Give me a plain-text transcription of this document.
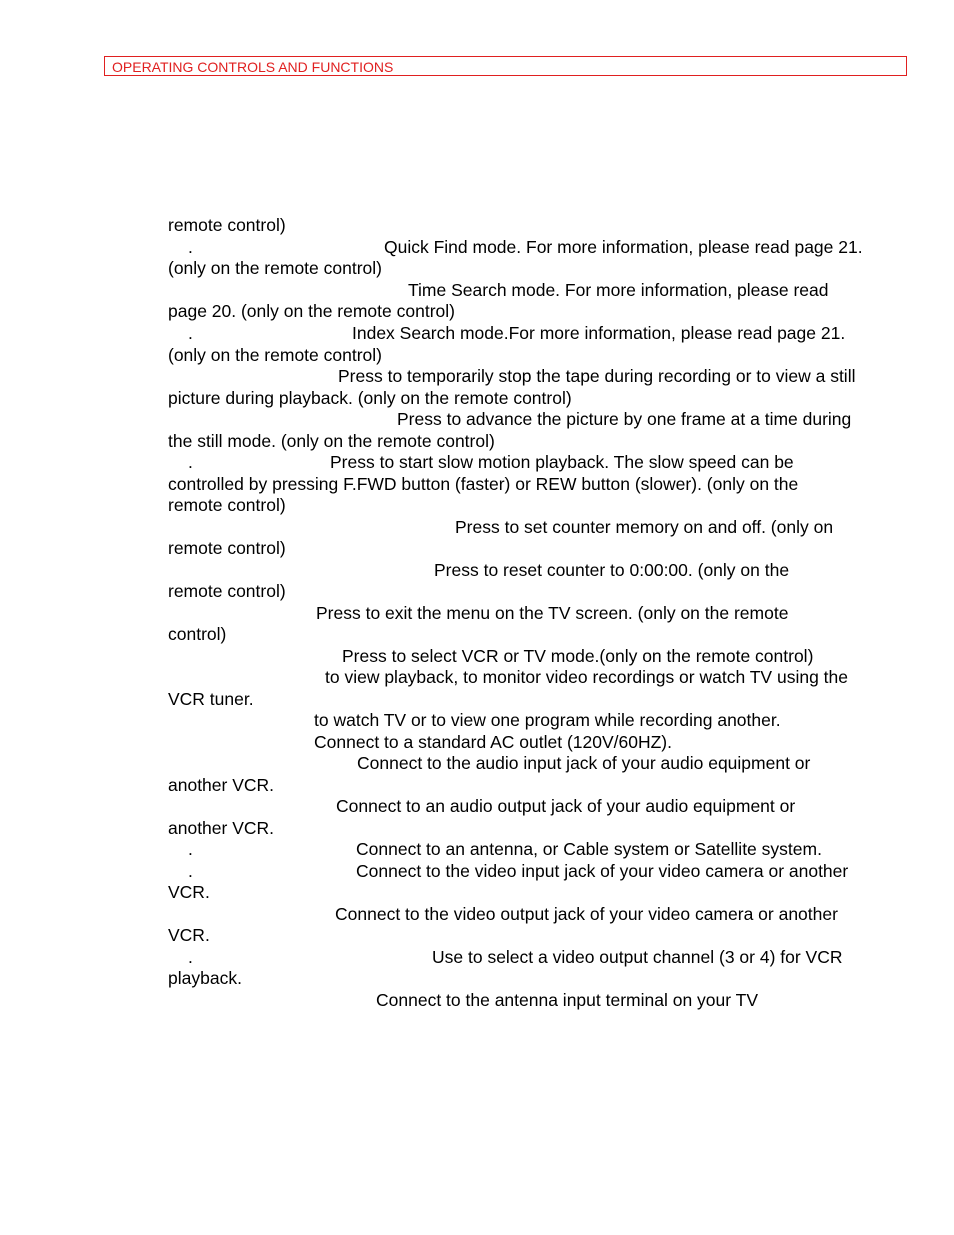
OPERATING CONTROLS AND FUNCTIONS
remote control)
.	Quick Find mode. For more information, please read page 21.
(only on the remote control)
Time Search mode. For more information, please read
page 20. (only on the remote control)
.	Index Search mode.For more information, please read page 21.
(only on the remote control)
Press to temporarily stop the tape during recording or to view a still
picture during playback. (only on the remote control)
Press to advance the picture by one frame at a time during
the still mode. (only on the remote control)
.	Press to start slow motion playback. The slow speed can be
controlled by pressing F.FWD button (faster) or REW button (slower). (only on the
remote control)
Press to set counter memory on and off. (only on
remote control)
Press to reset counter to 0:00:00. (only on the
remote control)
Press to exit the menu on the TV screen. (only on the remote
control)
Press to select VCR or TV mode.(only on the remote control)
to view playback, to monitor video recordings or watch TV using the
VCR tuner.
to watch TV or to view one program while recording another.
Connect to a standard AC outlet (120V/60HZ).
Connect to the audio input jack of your audio equipment or
another VCR.
Connect to an audio output jack of your audio equipment or
another VCR.
.	Connect to an antenna, or Cable system or Satellite system.
.	Connect to the video input jack of your video camera or another
VCR.
Connect to the video output jack of your video camera or another
VCR.
.	Use to select a video output channel (3 or 4) for VCR
playback.
Connect to the antenna input terminal on your TV
